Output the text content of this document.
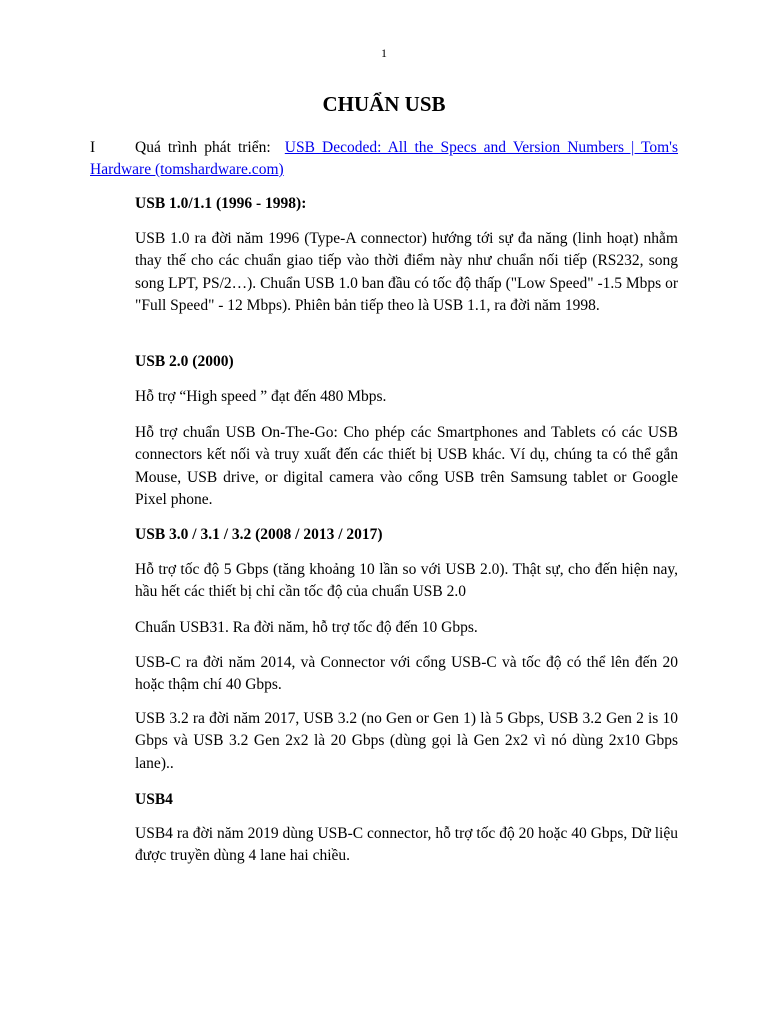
1
CHUẨN USB

I	Quá trình phát triển: USB Decoded: All the Specs and Version Numbers | Tom's Hardware (tomshardware.com)

USB 1.0/1.1 (1996 - 1998):

USB 1.0 ra đời năm 1996 (Type-A connector) hướng tới sự đa năng (linh hoạt) nhằm thay thế cho các chuẩn giao tiếp vào thời điểm này như chuẩn nối tiếp (RS232, song song LPT, PS/2…). Chuẩn USB 1.0 ban đầu có tốc độ thấp ("Low Speed" -1.5 Mbps or "Full Speed" - 12 Mbps). Phiên bản tiếp theo là USB 1.1, ra đời năm 1998.

USB 2.0 (2000)

Hỗ trợ “High speed ” đạt đến 480 Mbps.

Hỗ trợ chuẩn USB On-The-Go: Cho phép các Smartphones and Tablets có các USB connectors kết nối và truy xuất đến các thiết bị USB khác. Ví dụ, chúng ta có thể gắn Mouse, USB drive, or digital camera vào cổng USB trên Samsung tablet or Google Pixel phone.

USB 3.0 / 3.1 / 3.2 (2008 / 2013 / 2017)

Hỗ trợ tốc độ 5 Gbps (tăng khoảng 10 lần so với USB 2.0). Thật sự, cho đến hiện nay, hầu hết các thiết bị chỉ cần tốc độ của chuẩn USB 2.0

Chuẩn USB31. Ra đời năm, hỗ trợ tốc độ đến 10 Gbps.

USB-C ra đời năm 2014, và Connector với cổng USB-C và tốc độ có thể lên đến 20 hoặc thậm chí 40 Gbps.

USB 3.2 ra đời năm 2017, USB 3.2 (no Gen or Gen 1) là 5 Gbps, USB 3.2 Gen 2 is 10 Gbps và USB 3.2 Gen 2x2 là 20 Gbps (dùng gọi là Gen 2x2 vì nó dùng 2x10 Gbps lane)..

USB4

USB4 ra đời năm 2019 dùng USB-C connector, hỗ trợ tốc độ 20 hoặc 40 Gbps, Dữ liệu được truyền dùng 4 lane hai chiều.
